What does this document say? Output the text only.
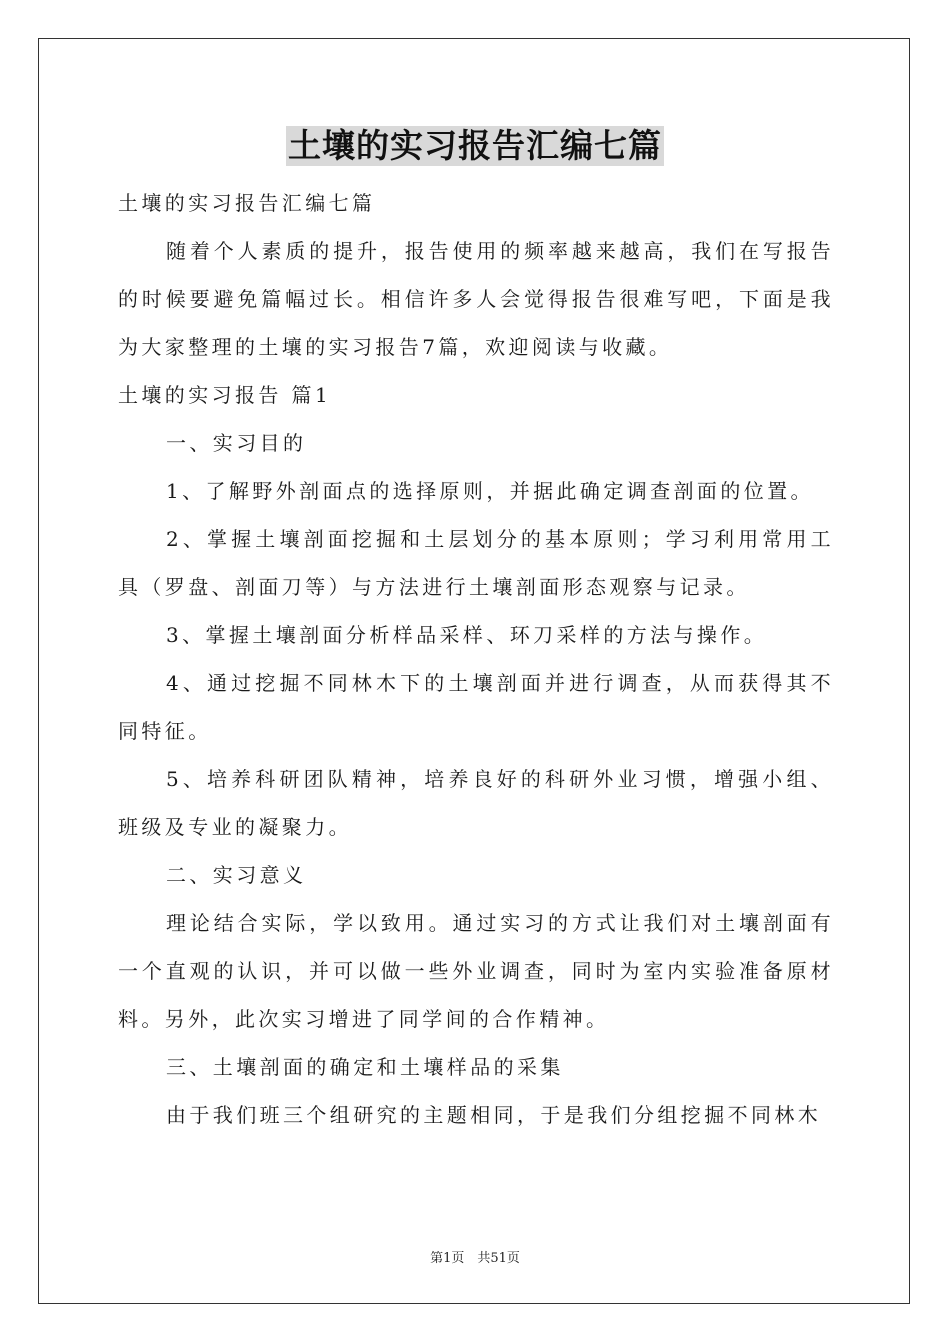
土壤的实习报告汇编七篇

土壤的实习报告汇编七篇

随着个人素质的提升，报告使用的频率越来越高，我们在写报告的时候要避免篇幅过长。相信许多人会觉得报告很难写吧，下面是我为大家整理的土壤的实习报告7篇，欢迎阅读与收藏。

土壤的实习报告 篇1

一、实习目的

1、了解野外剖面点的选择原则，并据此确定调查剖面的位置。

2、掌握土壤剖面挖掘和土层划分的基本原则；学习利用常用工具（罗盘、剖面刀等）与方法进行土壤剖面形态观察与记录。

3、掌握土壤剖面分析样品采样、环刀采样的方法与操作。

4、通过挖掘不同林木下的土壤剖面并进行调查，从而获得其不同特征。

5、培养科研团队精神，培养良好的科研外业习惯，增强小组、班级及专业的凝聚力。

二、实习意义

理论结合实际，学以致用。通过实习的方式让我们对土壤剖面有一个直观的认识，并可以做一些外业调查，同时为室内实验准备原材料。另外，此次实习增进了同学间的合作精神。

三、土壤剖面的确定和土壤样品的采集

由于我们班三个组研究的主题相同，于是我们分组挖掘不同林木

第1页　共51页
